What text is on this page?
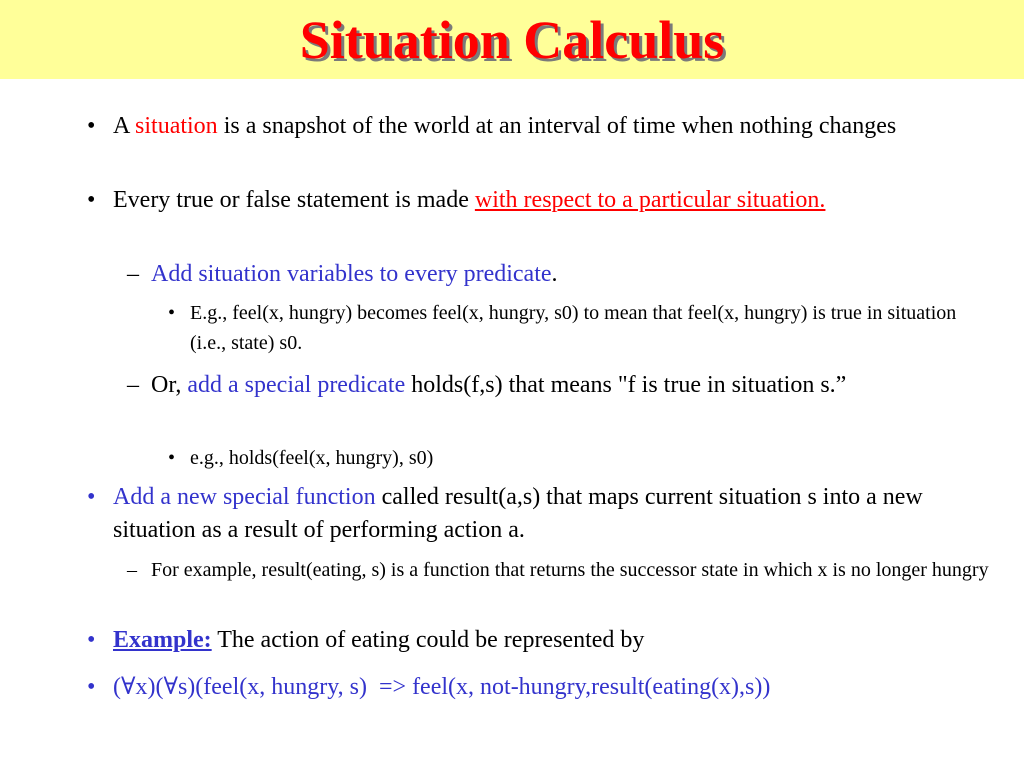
Situation Calculus
• A situation is a snapshot of the world at an interval of time when nothing changes
• Every true or false statement is made with respect to a particular situation.
– Add situation variables to every predicate.
• E.g., feel(x, hungry) becomes feel(x, hungry, s0) to mean that feel(x, hungry) is true in situation (i.e., state) s0.
– Or, add a special predicate holds(f,s) that means "f is true in situation s.”
• e.g., holds(feel(x, hungry), s0)
• Add a new special function called result(a,s) that maps current situation s into a new situation as a result of performing action a.
– For example, result(eating, s) is a function that returns the successor state in which x is no longer hungry
• Example: The action of eating could be represented by
• (∀x)(∀s)(feel(x, hungry, s)  => feel(x, not-hungry,result(eating(x),s))
